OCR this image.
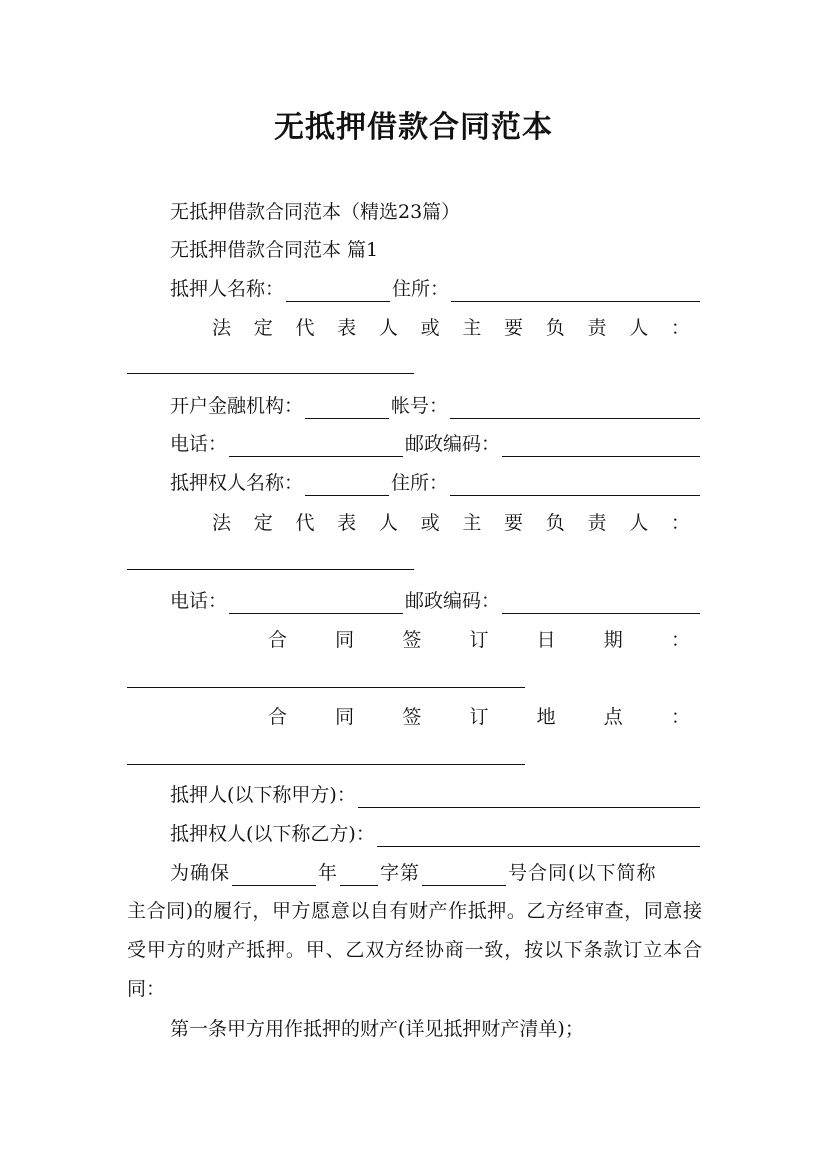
无抵押借款合同范本
无抵押借款合同范本（精选23篇）
无抵押借款合同范本 篇1
抵押人名称：	住所：
法 定 代 表 人 或 主 要 负 责 人 ：
开户金融机构：	帐号：
电话：	邮政编码：
抵押权人名称：	住所：
法 定 代 表 人 或 主 要 负 责 人 ：
电话：	邮政编码：
合	同	签	订	日	期	：
合	同	签	订	地	点	：
抵押人(以下称甲方)：
抵押权人(以下称乙方)：
为确保	年 字第	号合同(以下简称
主合同)的履行，甲方愿意以自有财产作抵押。乙方经审查，同意接受甲方的财产抵押。甲、乙双方经协商一致，按以下条款订立本合同：
第一条甲方用作抵押的财产(详见抵押财产清单)；
